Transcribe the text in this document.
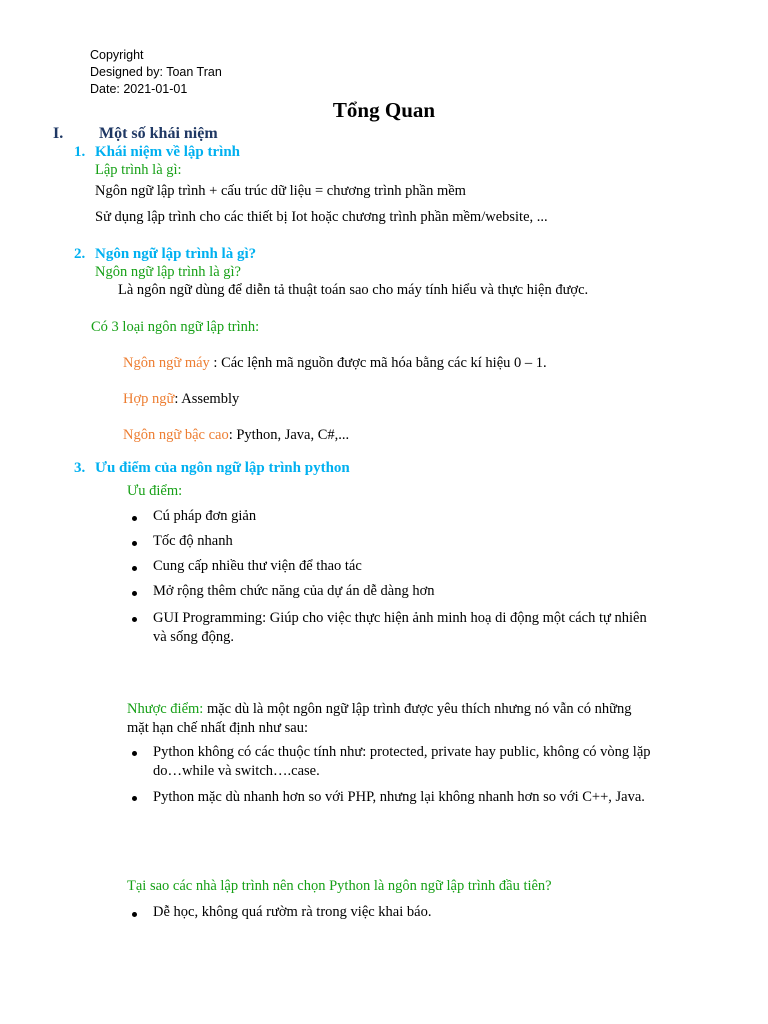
Copyright
Designed by: Toan Tran
Date: 2021-01-01
Tổng Quan
I. Một số khái niệm
1. Khái niệm về lập trình
Lập trình là gì:
Ngôn ngữ lập trình + cấu trúc dữ liệu = chương trình phần mềm
Sử dụng lập trình cho các thiết bị Iot hoặc chương trình phần mềm/website, ...
2. Ngôn ngữ lập trình là gì?
Ngôn ngữ lập trình là gì?
Là ngôn ngữ dùng để diễn tả thuật toán sao cho máy tính hiểu và thực hiện được.
Có 3 loại ngôn ngữ lập trình:
Ngôn ngữ máy : Các lệnh mã nguồn được mã hóa bằng các kí hiệu 0 – 1.
Hợp ngữ: Assembly
Ngôn ngữ bậc cao: Python, Java, C#,...
3. Ưu điểm của ngôn ngữ lập trình python
Ưu điểm:
Cú pháp đơn giản
Tốc độ nhanh
Cung cấp nhiều thư viện để thao tác
Mở rộng thêm chức năng của dự án dễ dàng hơn
GUI Programming: Giúp cho việc thực hiện ảnh minh hoạ di động một cách tự nhiên và sống động.
Nhược điểm: mặc dù là một ngôn ngữ lập trình được yêu thích nhưng nó vẫn có những mặt hạn chế nhất định như sau:
Python không có các thuộc tính như: protected, private hay public, không có vòng lặp do…while và switch….case.
Python mặc dù nhanh hơn so với PHP, nhưng lại không nhanh hơn so với C++, Java.
Tại sao các nhà lập trình nên chọn Python là ngôn ngữ lập trình đầu tiên?
Dễ học, không quá rườm rà trong việc khai báo.
